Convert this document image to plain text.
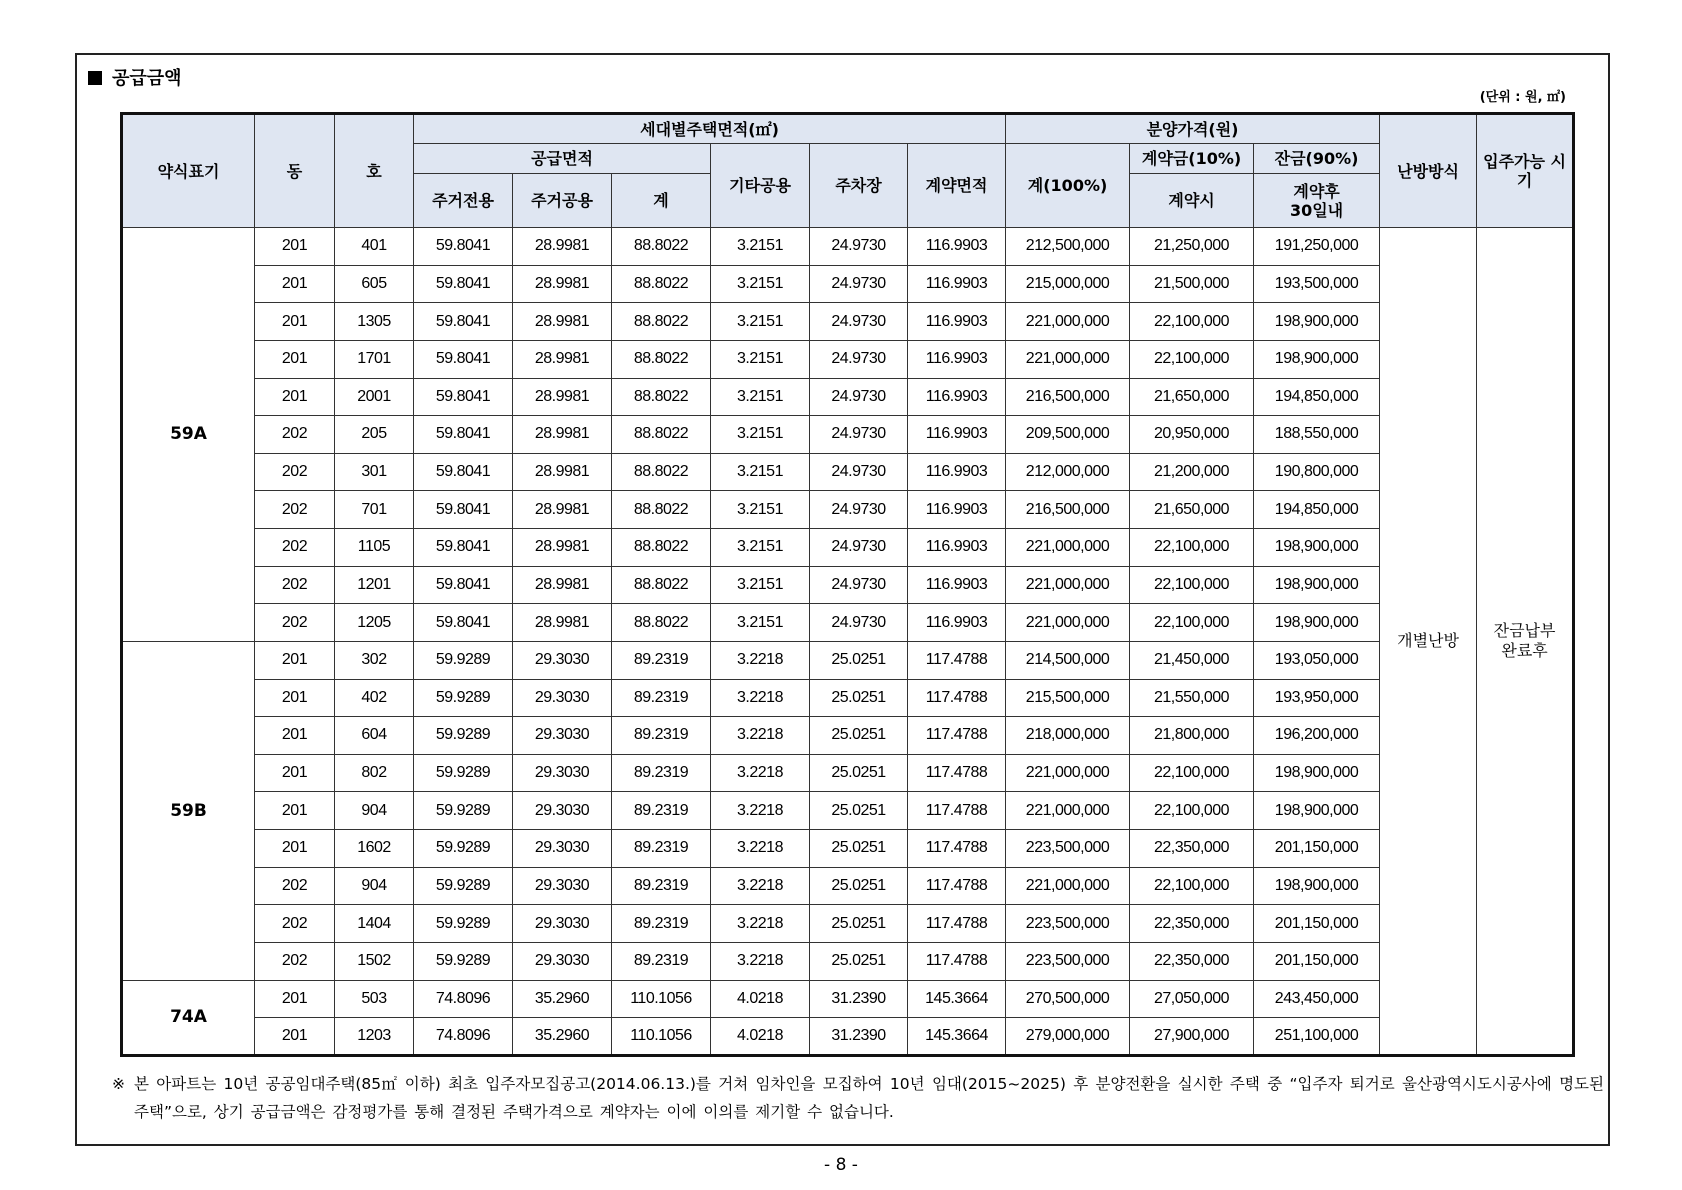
공급금액
(단위 : 원, ㎡)
약식표기	동	호	세대별주택면적(㎡)						분양가격(원)			난방방식	입주가능 시기
			공급면적			기타공용	주차장	계약면적	계(100%)	계약금(10%)	잔금(90%)		
			주거전용	주거공용	계					계약시	계약후 30일내		
59A	201	401	59.8041	28.9981	88.8022	3.2151	24.9730	116.9903	212,500,000	21,250,000	191,250,000	개별난방	잔금납부 완료후
	201	605	59.8041	28.9981	88.8022	3.2151	24.9730	116.9903	215,000,000	21,500,000	193,500,000		
	201	1305	59.8041	28.9981	88.8022	3.2151	24.9730	116.9903	221,000,000	22,100,000	198,900,000		
	201	1701	59.8041	28.9981	88.8022	3.2151	24.9730	116.9903	221,000,000	22,100,000	198,900,000		
	201	2001	59.8041	28.9981	88.8022	3.2151	24.9730	116.9903	216,500,000	21,650,000	194,850,000		
	202	205	59.8041	28.9981	88.8022	3.2151	24.9730	116.9903	209,500,000	20,950,000	188,550,000		
	202	301	59.8041	28.9981	88.8022	3.2151	24.9730	116.9903	212,000,000	21,200,000	190,800,000		
	202	701	59.8041	28.9981	88.8022	3.2151	24.9730	116.9903	216,500,000	21,650,000	194,850,000		
	202	1105	59.8041	28.9981	88.8022	3.2151	24.9730	116.9903	221,000,000	22,100,000	198,900,000		
	202	1201	59.8041	28.9981	88.8022	3.2151	24.9730	116.9903	221,000,000	22,100,000	198,900,000		
	202	1205	59.8041	28.9981	88.8022	3.2151	24.9730	116.9903	221,000,000	22,100,000	198,900,000		
59B	201	302	59.9289	29.3030	89.2319	3.2218	25.0251	117.4788	214,500,000	21,450,000	193,050,000		
	201	402	59.9289	29.3030	89.2319	3.2218	25.0251	117.4788	215,500,000	21,550,000	193,950,000		
	201	604	59.9289	29.3030	89.2319	3.2218	25.0251	117.4788	218,000,000	21,800,000	196,200,000		
	201	802	59.9289	29.3030	89.2319	3.2218	25.0251	117.4788	221,000,000	22,100,000	198,900,000		
	201	904	59.9289	29.3030	89.2319	3.2218	25.0251	117.4788	221,000,000	22,100,000	198,900,000		
	201	1602	59.9289	29.3030	89.2319	3.2218	25.0251	117.4788	223,500,000	22,350,000	201,150,000		
	202	904	59.9289	29.3030	89.2319	3.2218	25.0251	117.4788	221,000,000	22,100,000	198,900,000		
	202	1404	59.9289	29.3030	89.2319	3.2218	25.0251	117.4788	223,500,000	22,350,000	201,150,000		
	202	1502	59.9289	29.3030	89.2319	3.2218	25.0251	117.4788	223,500,000	22,350,000	201,150,000		
74A	201	503	74.8096	35.2960	110.1056	4.0218	31.2390	145.3664	270,500,000	27,050,000	243,450,000		
	201	1203	74.8096	35.2960	110.1056	4.0218	31.2390	145.3664	279,000,000	27,900,000	251,100,000		
※ 본 아파트는 10년 공공임대주택(85㎡ 이하) 최초 입주자모집공고(2014.06.13.)를 거쳐 임차인을 모집하여 10년 임대(2015~2025) 후 분양전환을 실시한 주택 중 “입주자 퇴거로 울산광역시도시공사에 명도된 주택”으로, 상기 공급금액은 감정평가를 통해 결정된 주택가격으로 계약자는 이에 이의를 제기할 수 없습니다.
- 8 -
